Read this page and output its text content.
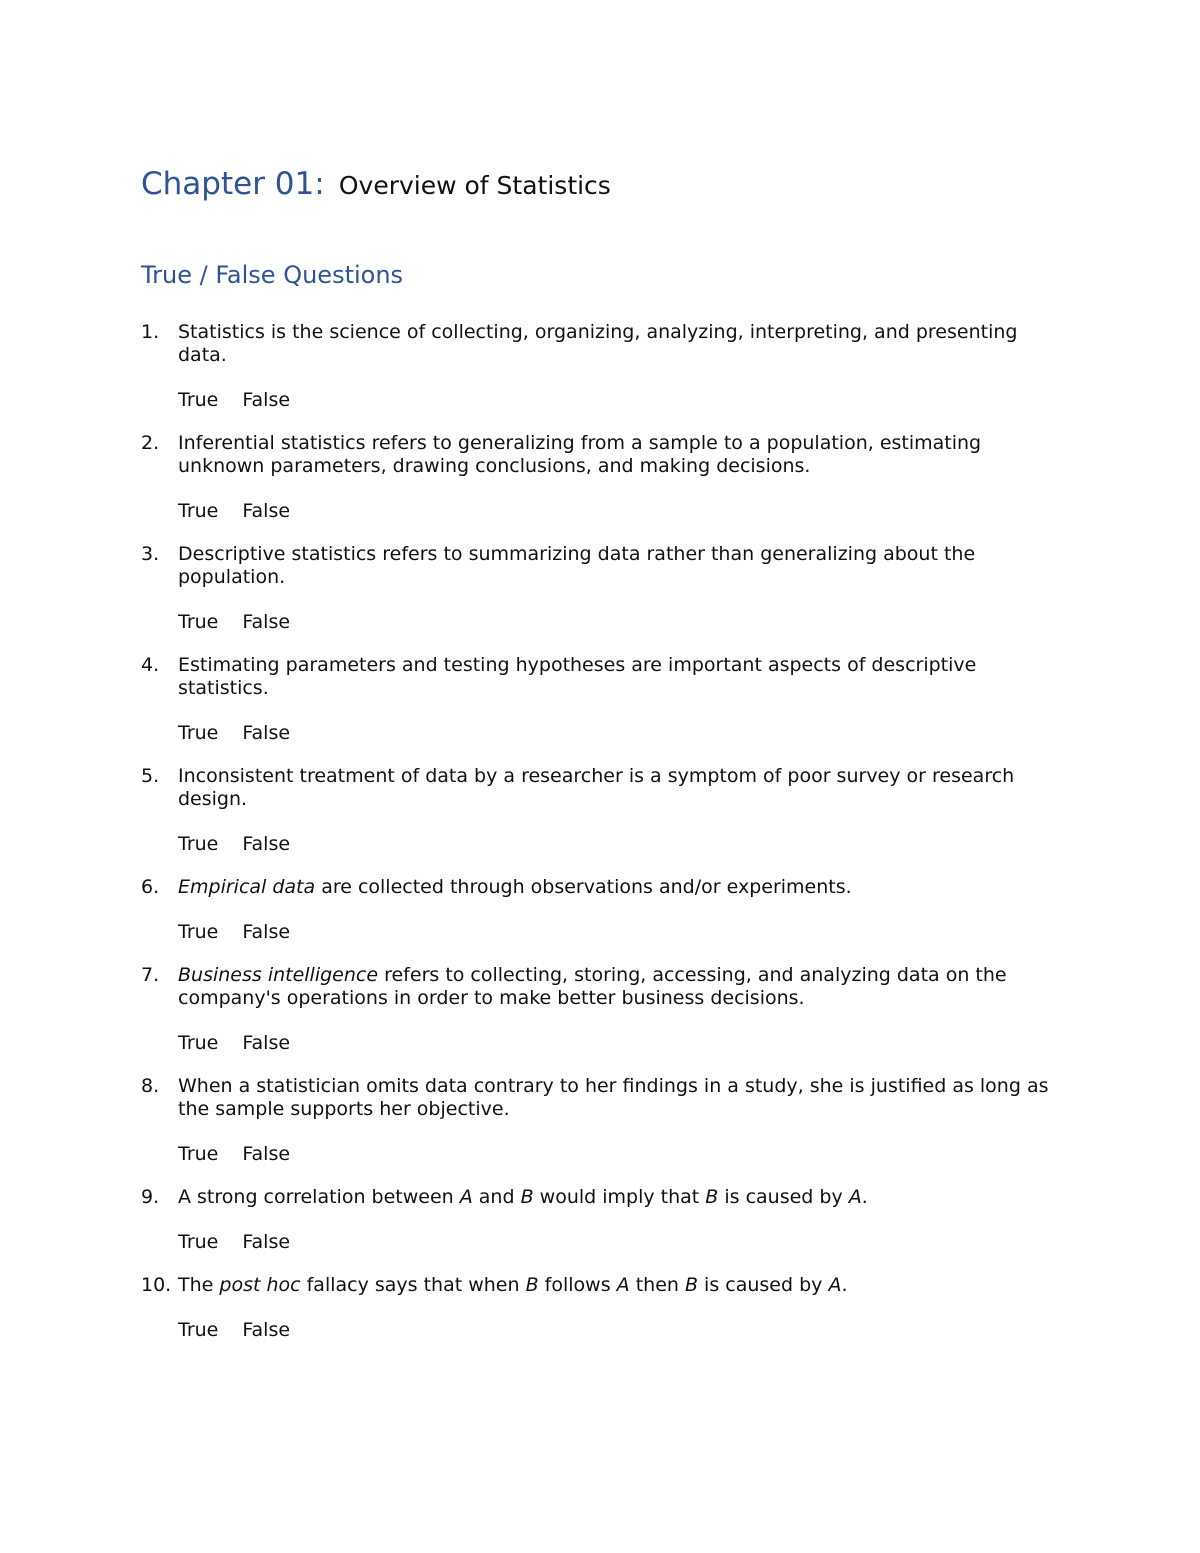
Chapter 01: Overview of Statistics
True / False Questions
1. Statistics is the science of collecting, organizing, analyzing, interpreting, and presenting data.
True False
2. Inferential statistics refers to generalizing from a sample to a population, estimating unknown parameters, drawing conclusions, and making decisions.
True False
3. Descriptive statistics refers to summarizing data rather than generalizing about the population.
True False
4. Estimating parameters and testing hypotheses are important aspects of descriptive statistics.
True False
5. Inconsistent treatment of data by a researcher is a symptom of poor survey or research design.
True False
6. Empirical data are collected through observations and/or experiments.
True False
7. Business intelligence refers to collecting, storing, accessing, and analyzing data on the company's operations in order to make better business decisions.
True False
8. When a statistician omits data contrary to her findings in a study, she is justified as long as the sample supports her objective.
True False
9. A strong correlation between A and B would imply that B is caused by A.
True False
10. The post hoc fallacy says that when B follows A then B is caused by A.
True False
